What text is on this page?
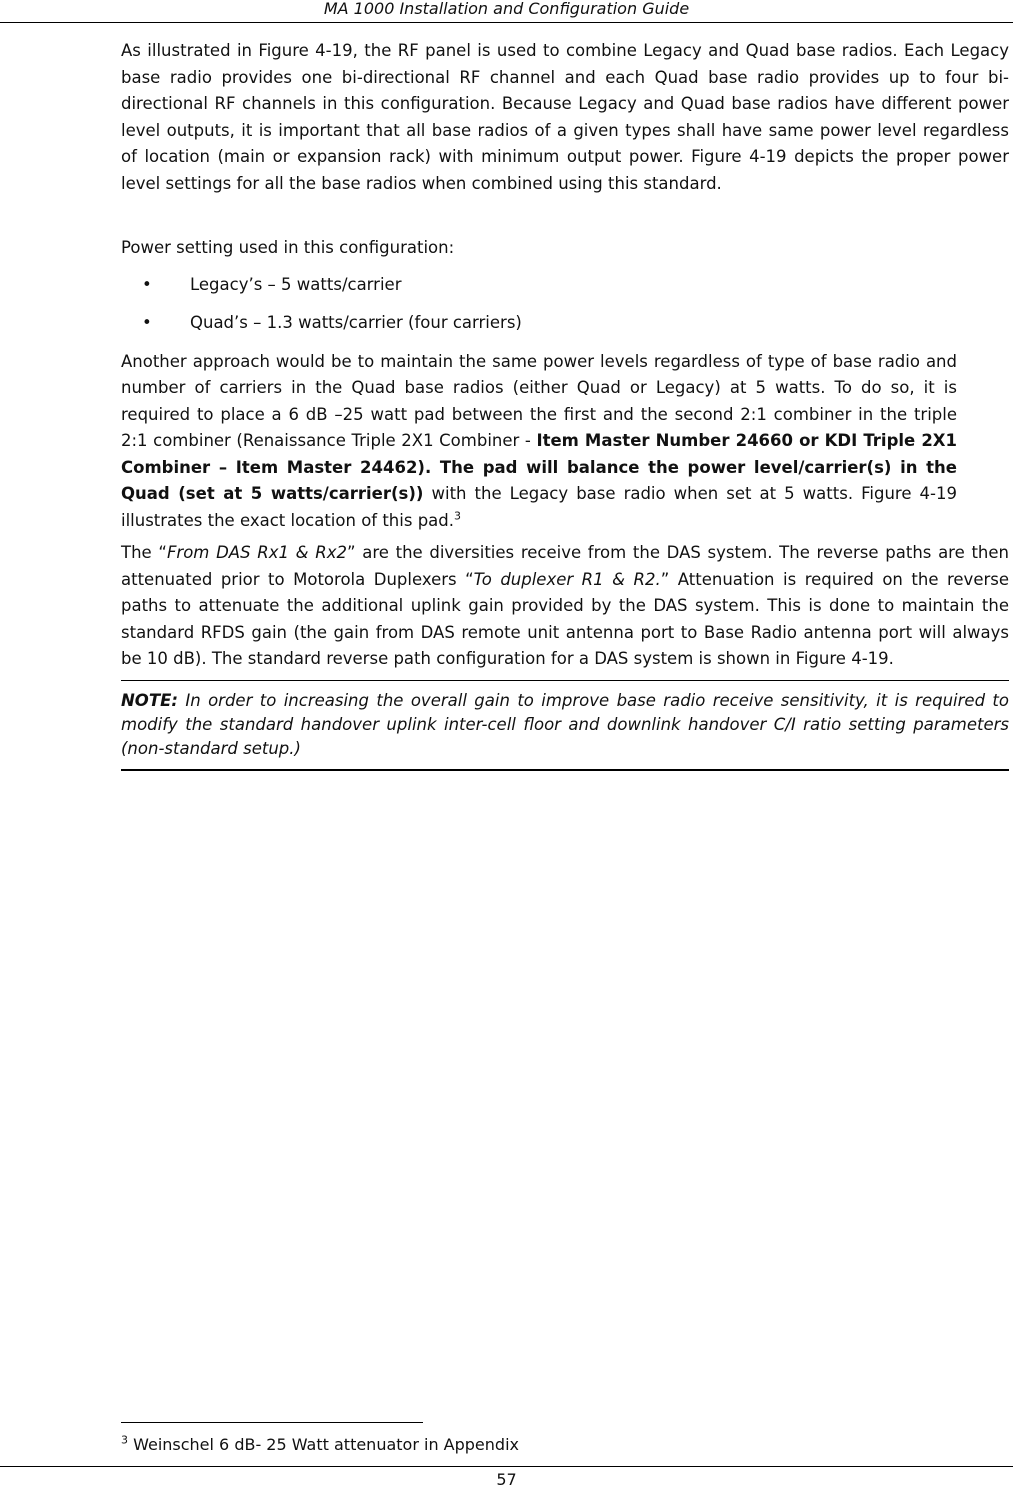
MA 1000 Installation and Configuration Guide

As illustrated in Figure 4-19, the RF panel is used to combine Legacy and Quad base radios. Each Legacy base radio provides one bi-directional RF channel and each Quad base radio provides up to four bi-directional RF channels in this configuration. Because Legacy and Quad base radios have different power level outputs, it is important that all base radios of a given types shall have same power level regardless of location (main or expansion rack) with minimum output power. Figure 4-19 depicts the proper power level settings for all the base radios when combined using this standard.

Power setting used in this configuration:

• Legacy’s – 5 watts/carrier
• Quad’s – 1.3 watts/carrier (four carriers)

Another approach would be to maintain the same power levels regardless of type of base radio and number of carriers in the Quad base radios (either Quad or Legacy) at 5 watts. To do so, it is required to place a 6 dB –25 watt pad between the first and the second 2:1 combiner in the triple 2:1 combiner (Renaissance Triple 2X1 Combiner - Item Master Number 24660 or KDI Triple 2X1 Combiner – Item Master 24462). The pad will balance the power level/carrier(s) in the Quad (set at 5 watts/carrier(s)) with the Legacy base radio when set at 5 watts. Figure 4-19 illustrates the exact location of this pad.$^3$

The “From DAS Rx1 & Rx2” are the diversities receive from the DAS system. The reverse paths are then attenuated prior to Motorola Duplexers “To duplexer R1 & R2.” Attenuation is required on the reverse paths to attenuate the additional uplink gain provided by the DAS system. This is done to maintain the standard RFDS gain (the gain from DAS remote unit antenna port to Base Radio antenna port will always be 10 dB). The standard reverse path configuration for a DAS system is shown in Figure 4-19.

NOTE: In order to increasing the overall gain to improve base radio receive sensitivity, it is required to modify the standard handover uplink inter-cell floor and downlink handover C/I ratio setting parameters (non-standard setup.)
$^3$ Weinschel 6 dB- 25 Watt attenuator in Appendix
57
